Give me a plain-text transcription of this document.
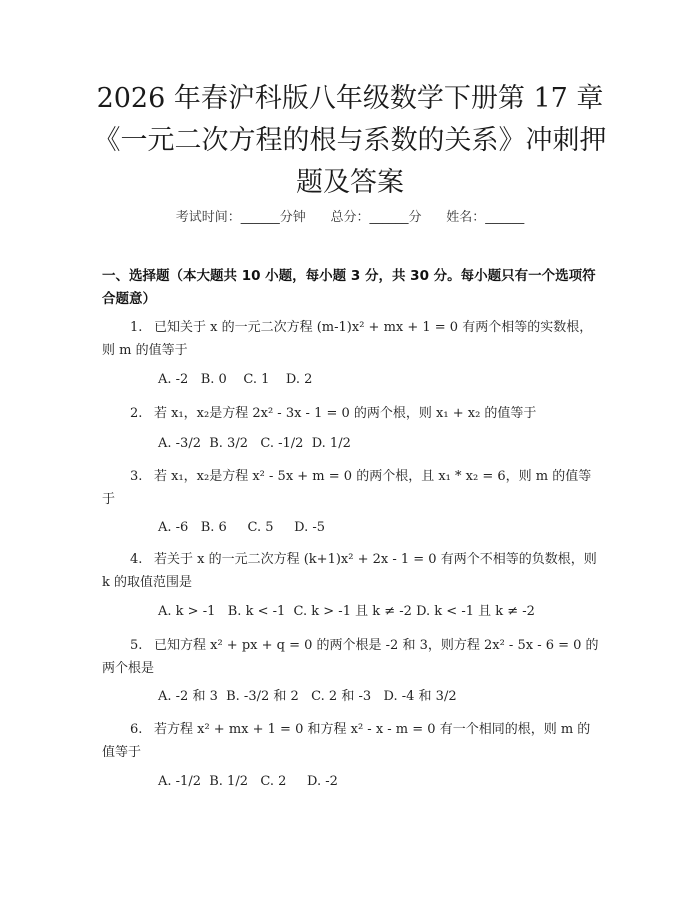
2026 年春沪科版八年级数学下册第 17 章
《一元二次方程的根与系数的关系》冲刺押
题及答案
考试时间：______分钟      总分：______分      姓名：______
一、选择题（本大题共 10 小题，每小题 3 分，共 30 分。每小题只有一个选项符合题意）
1. 已知关于 x 的一元二次方程 (m-1)x² + mx + 1 = 0 有两个相等的实数根，则 m 的值等于
A. -2   B. 0    C. 1    D. 2
2. 若 x₁，x₂是方程 2x² - 3x - 1 = 0 的两个根，则 x₁ + x₂ 的值等于
A. -3/2  B. 3/2   C. -1/2  D. 1/2
3. 若 x₁，x₂是方程 x² - 5x + m = 0 的两个根，且 x₁ * x₂ = 6，则 m 的值等于
A. -6   B. 6     C. 5     D. -5
4. 若关于 x 的一元二次方程 (k+1)x² + 2x - 1 = 0 有两个不相等的负数根，则 k 的取值范围是
A. k > -1   B. k < -1  C. k > -1 且 k ≠ -2 D. k < -1 且 k ≠ -2
5. 已知方程 x² + px + q = 0 的两个根是 -2 和 3，则方程 2x² - 5x - 6 = 0 的两个根是
A. -2 和 3  B. -3/2 和 2   C. 2 和 -3   D. -4 和 3/2
6. 若方程 x² + mx + 1 = 0 和方程 x² - x - m = 0 有一个相同的根，则 m 的值等于
A. -1/2  B. 1/2   C. 2     D. -2
